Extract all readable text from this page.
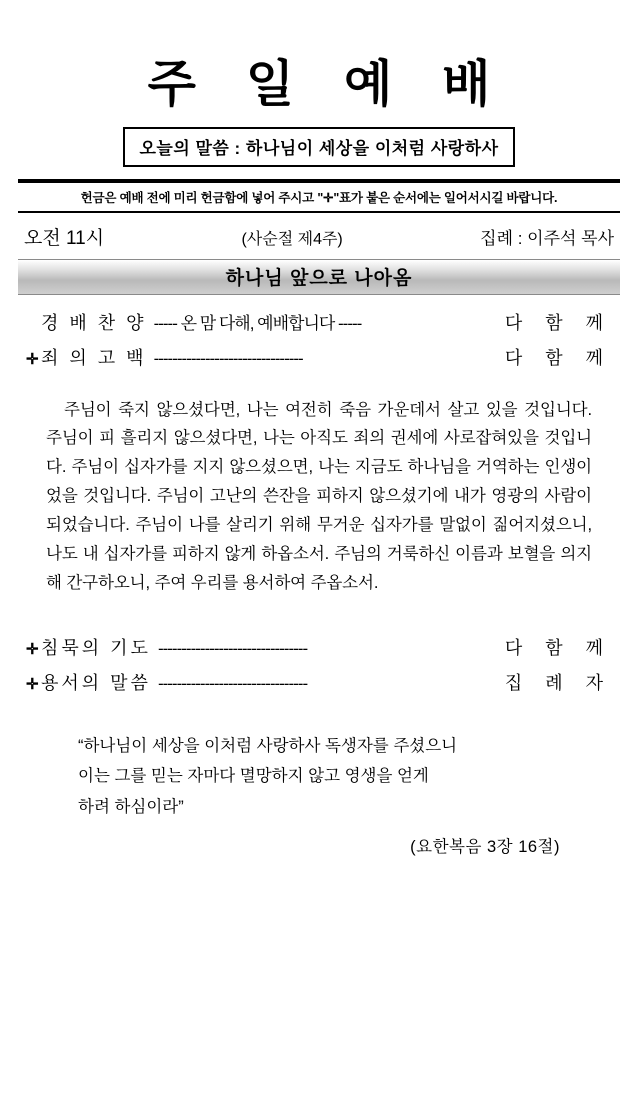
주 일 예 배
오늘의 말씀 : 하나님이 세상을 이처럼 사랑하사
헌금은 예배 전에 미리 헌금함에 넣어 주시고 "✛"표가 붙은 순서에는 일어서시길 바랍니다.
오전 11시	(사순절 제4주)	집례 : 이주석 목사
하나님 앞으로 나아옴
경 배 찬 양 ----- 온 맘 다해, 예배합니다 -----	다 함 께
✛ 죄 의 고 백 --------------------------------	다 함 께
주님이 죽지 않으셨다면, 나는 여전히 죽음 가운데서 살고 있을 것입니다. 주님이 피 흘리지 않으셨다면, 나는 아직도 죄의 권세에 사로잡혀있을 것입니다. 주님이 십자가를 지지 않으셨으면, 나는 지금도 하나님을 거역하는 인생이었을 것입니다. 주님이 고난의 쓴잔을 피하지 않으셨기에 내가 영광의 사람이 되었습니다. 주님이 나를 살리기 위해 무거운 십자가를 말없이 짊어지셨으니, 나도 내 십자가를 피하지 않게 하옵소서. 주님의 거룩하신 이름과 보혈을 의지해 간구하오니, 주여 우리를 용서하여 주옵소서.
✛ 침묵의 기도 --------------------------------	다 함 께
✛ 용서의 말씀 --------------------------------	집 례 자
“하나님이 세상을 이처럼 사랑하사 독생자를 주셨으니
이는 그를 믿는 자마다 멸망하지 않고 영생을 얻게
하려 하심이라”
(요한복음 3장 16절)
